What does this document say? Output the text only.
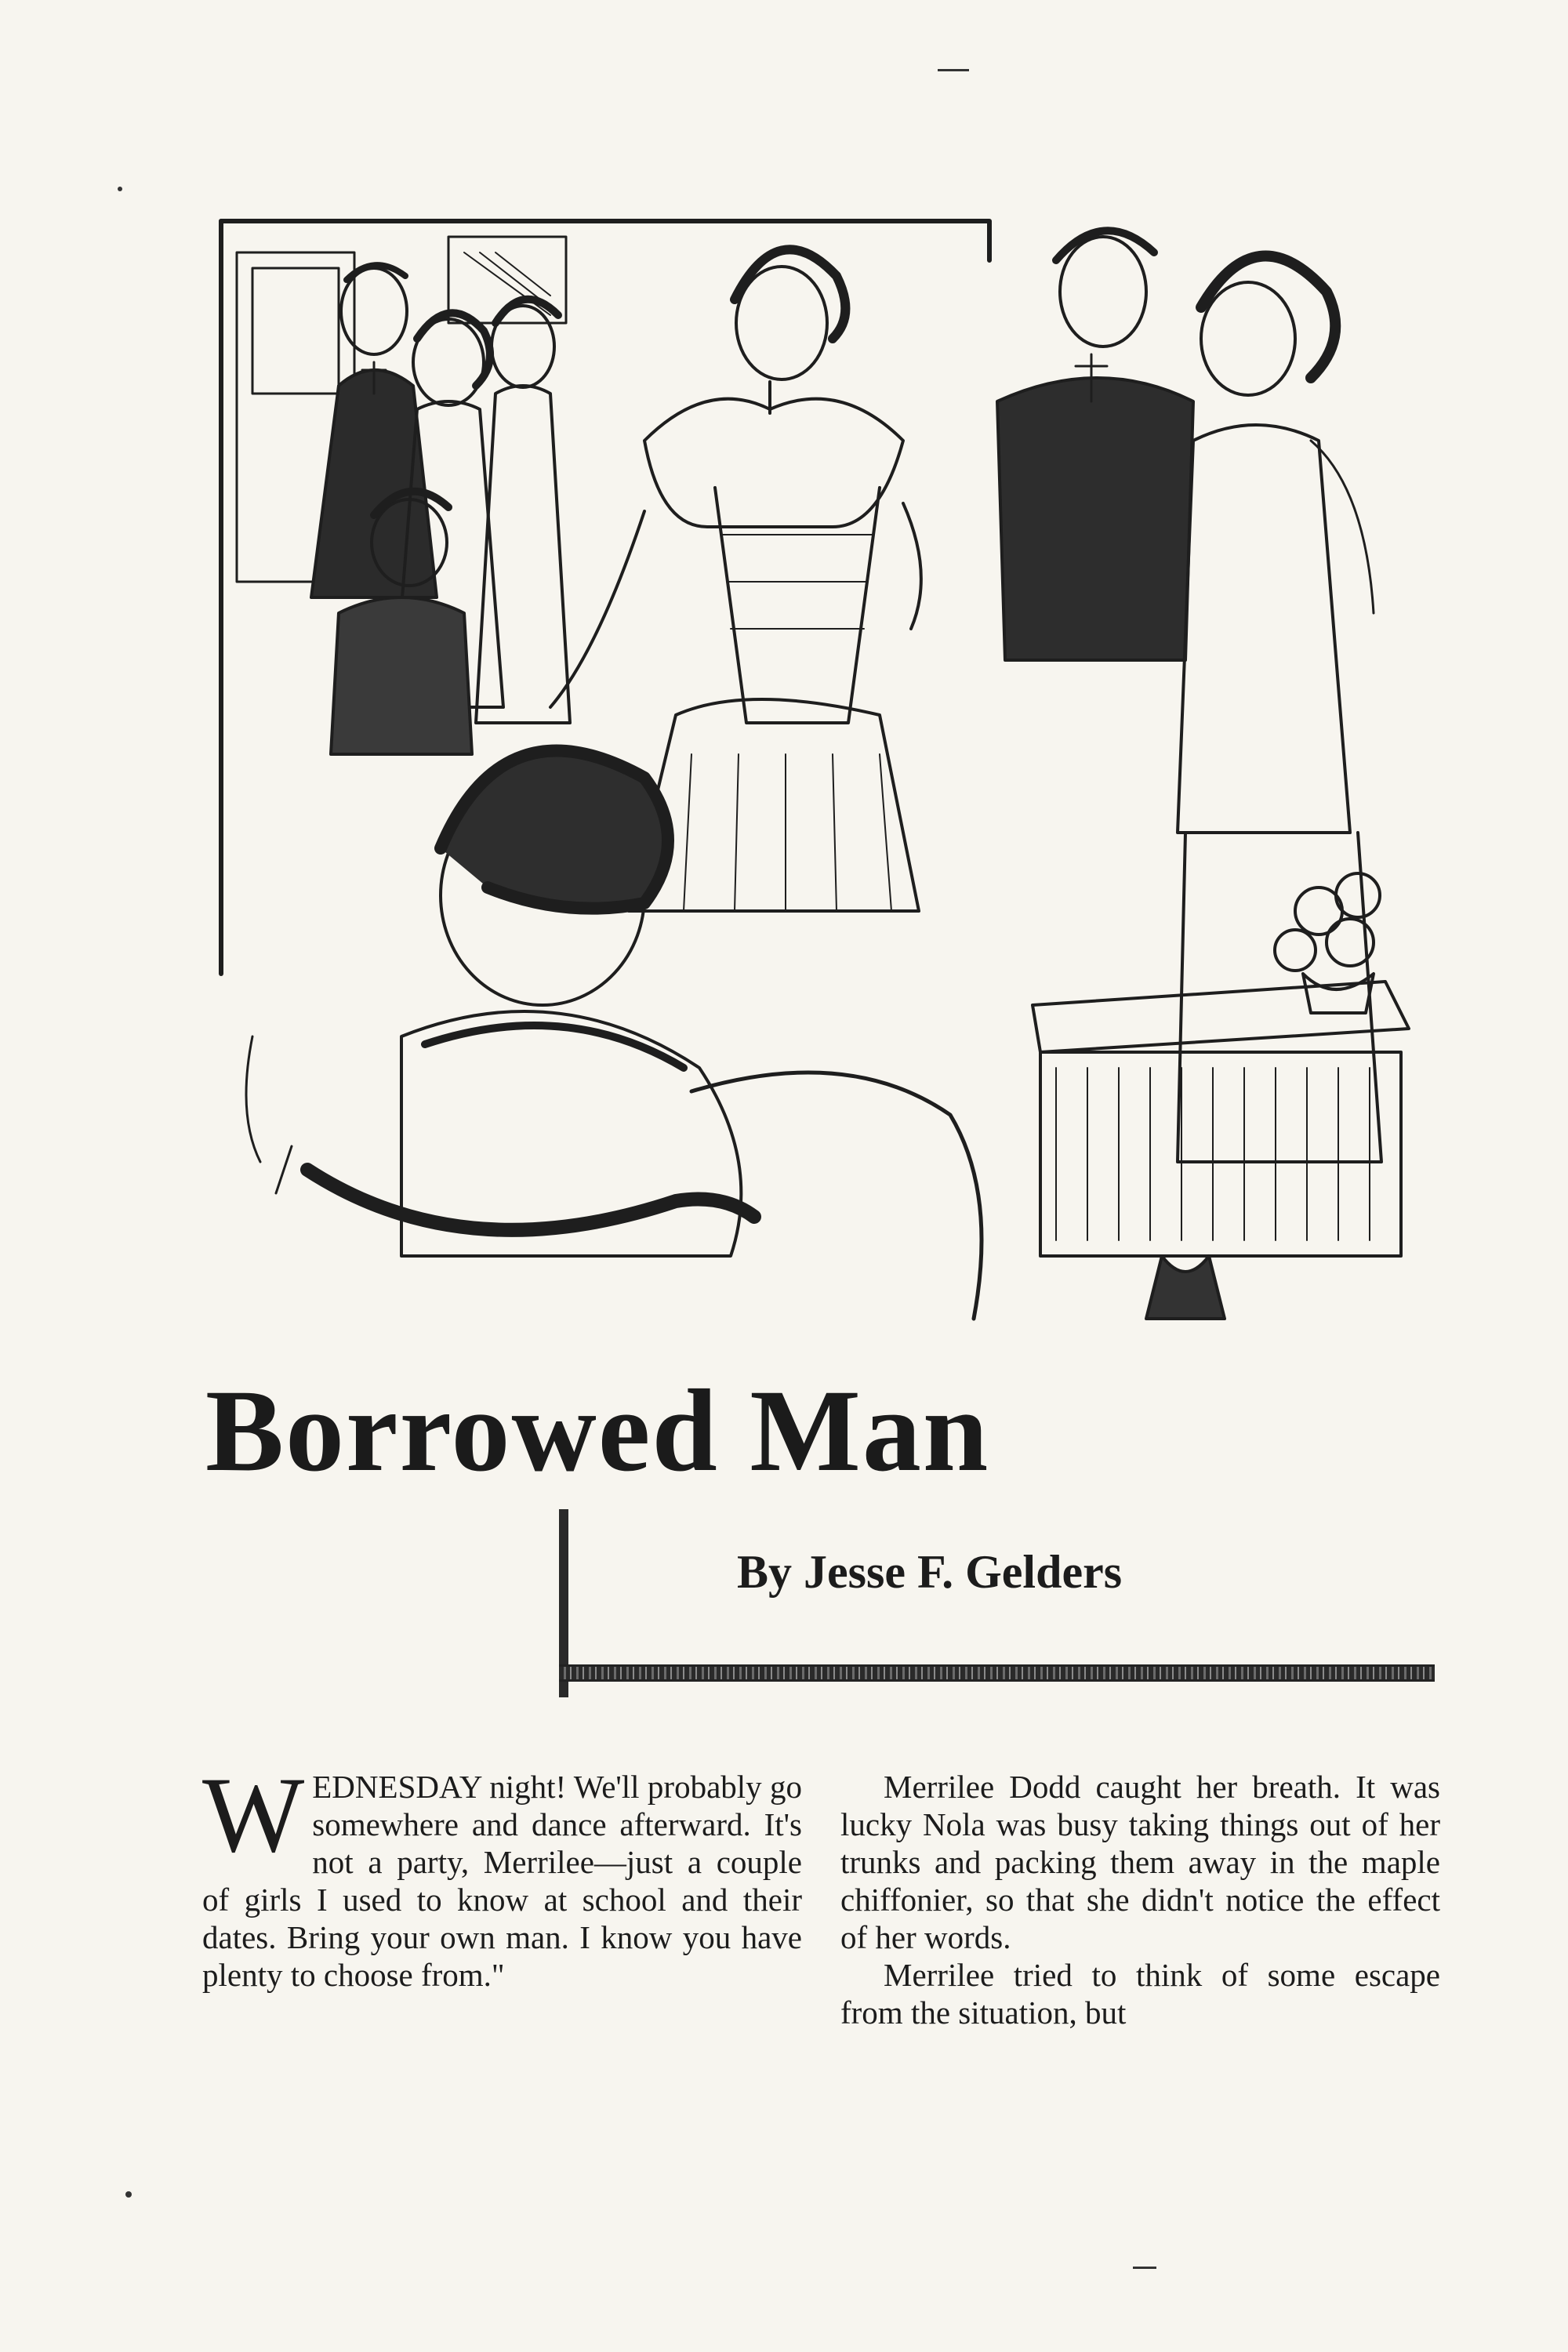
Borrowed Man
By Jesse F. Gelders

WEDNESDAY night! We'll probably go somewhere and dance afterward. It's not a party, Merrilee—just a couple of girls I used to know at school and their dates. Bring your own man. I know you have plenty to choose from."

Merrilee Dodd caught her breath. It was lucky Nola was busy taking things out of her trunks and packing them away in the maple chiffonier, so that she didn't notice the effect of her words.

Merrilee tried to think of some escape from the situation, but
